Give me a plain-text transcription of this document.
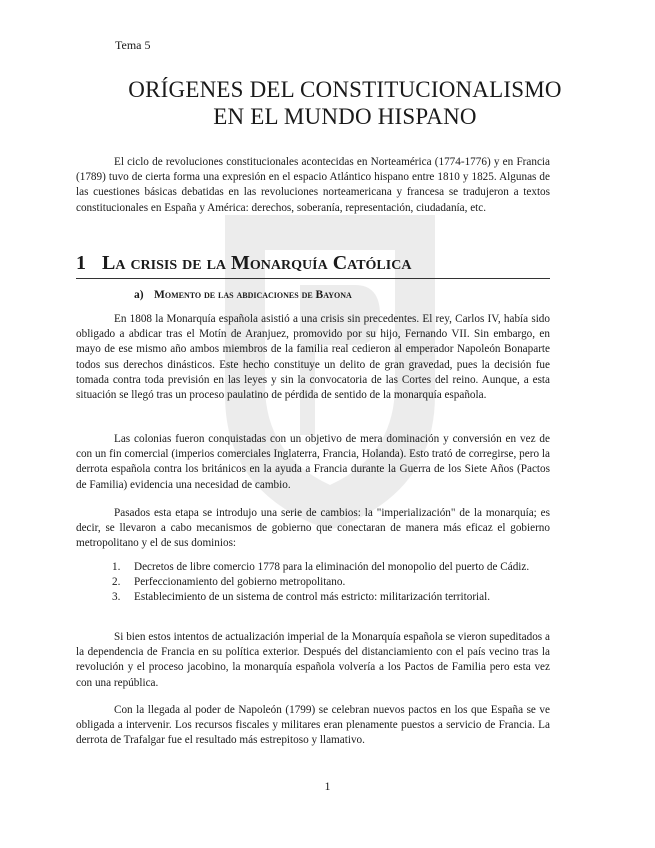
Tema 5
ORÍGENES DEL CONSTITUCIONALISMO
EN EL MUNDO HISPANO

El ciclo de revoluciones constitucionales acontecidas en Norteamérica (1774-1776) y en Francia (1789) tuvo de cierta forma una expresión en el espacio Atlántico hispano entre 1810 y 1825. Algunas de las cuestiones básicas debatidas en las revoluciones norteamericana y francesa se tradujeron a textos constitucionales en España y América: derechos, soberanía, representación, ciudadanía, etc.

1 La crisis de la Monarquía Católica
a) Momento de las abdicaciones de Bayona

En 1808 la Monarquía española asistió a una crisis sin precedentes. El rey, Carlos IV, había sido obligado a abdicar tras el Motín de Aranjuez, promovido por su hijo, Fernando VII. Sin embargo, en mayo de ese mismo año ambos miembros de la familia real cedieron al emperador Napoleón Bonaparte todos sus derechos dinásticos. Este hecho constituye un delito de gran gravedad, pues la decisión fue tomada contra toda previsión en las leyes y sin la convocatoria de las Cortes del reino. Aunque, a esta situación se llegó tras un proceso paulatino de pérdida de sentido de la monarquía española.

Las colonias fueron conquistadas con un objetivo de mera dominación y conversión en vez de con un fin comercial (imperios comerciales Inglaterra, Francia, Holanda). Esto trató de corregirse, pero la derrota española contra los británicos en la ayuda a Francia durante la Guerra de los Siete Años (Pactos de Familia) evidencia una necesidad de cambio.

Pasados esta etapa se introdujo una serie de cambios: la "imperialización" de la monarquía; es decir, se llevaron a cabo mecanismos de gobierno que conectaran de manera más eficaz el gobierno metropolitano y el de sus dominios:

1. Decretos de libre comercio 1778 para la eliminación del monopolio del puerto de Cádiz.
2. Perfeccionamiento del gobierno metropolitano.
3. Establecimiento de un sistema de control más estricto: militarización territorial.

Si bien estos intentos de actualización imperial de la Monarquía española se vieron supeditados a la dependencia de Francia en su política exterior. Después del distanciamiento con el país vecino tras la revolución y el proceso jacobino, la monarquía española volvería a los Pactos de Familia pero esta vez con una república.

Con la llegada al poder de Napoleón (1799) se celebran nuevos pactos en los que España se ve obligada a intervenir. Los recursos fiscales y militares eran plenamente puestos a servicio de Francia. La derrota de Trafalgar fue el resultado más estrepitoso y llamativo.

1
